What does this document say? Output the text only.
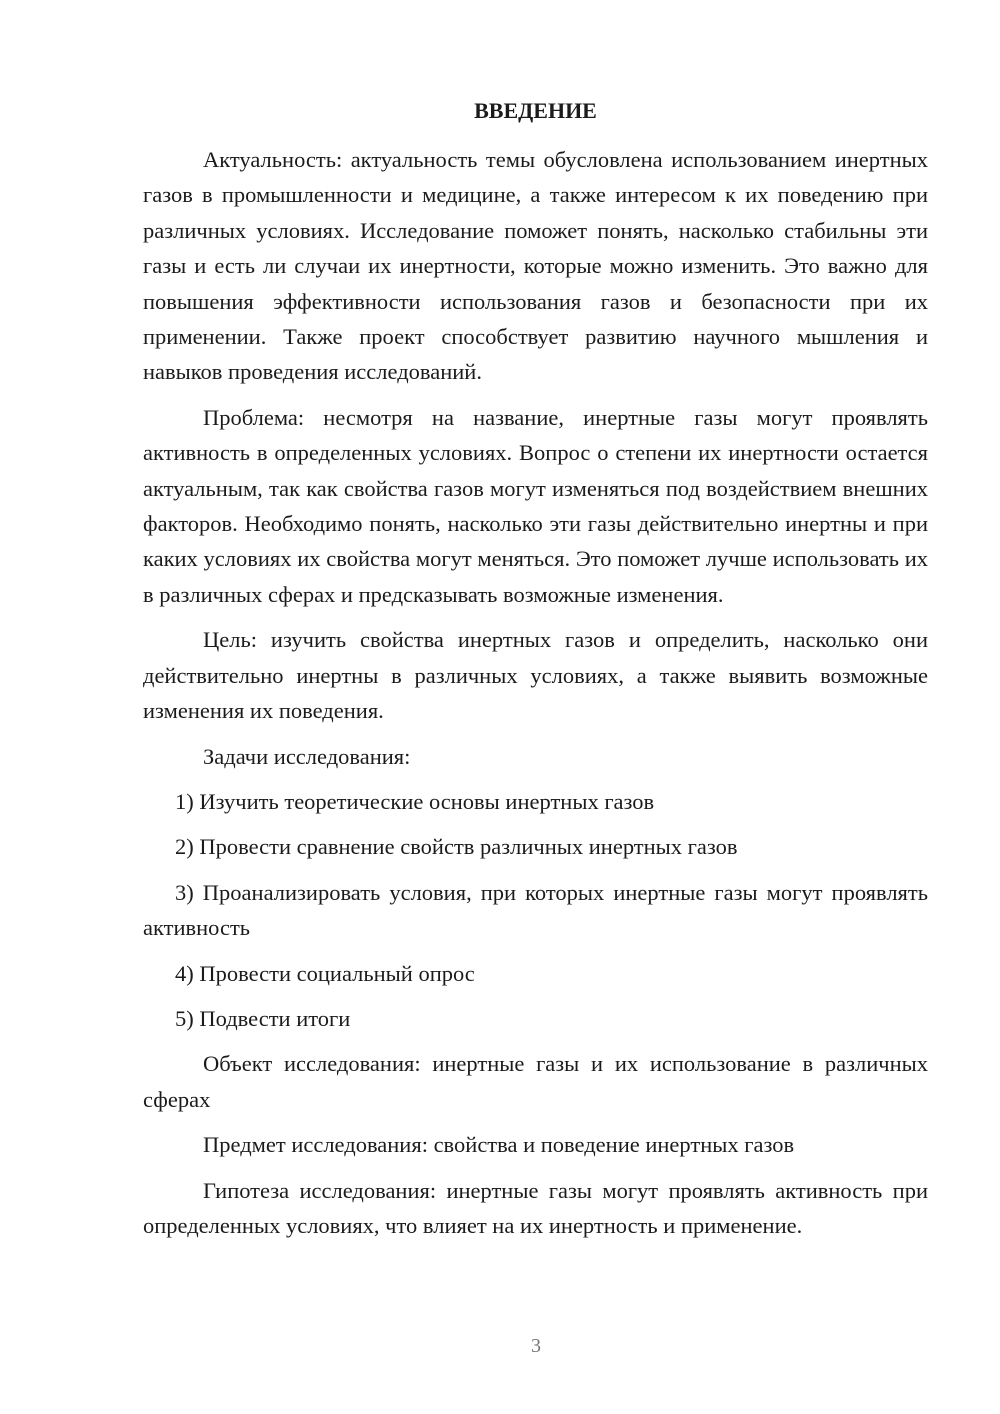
ВВЕДЕНИЕ

Актуальность: актуальность темы обусловлена использованием инертных газов в промышленности и медицине, а также интересом к их поведению при различных условиях. Исследование поможет понять, насколько стабильны эти газы и есть ли случаи их инертности, которые можно изменить. Это важно для повышения эффективности использования газов и безопасности при их применении. Также проект способствует развитию научного мышления и навыков проведения исследований.

Проблема: несмотря на название, инертные газы могут проявлять активность в определенных условиях. Вопрос о степени их инертности остается актуальным, так как свойства газов могут изменяться под воздействием внешних факторов. Необходимо понять, насколько эти газы действительно инертны и при каких условиях их свойства могут меняться. Это поможет лучше использовать их в различных сферах и предсказывать возможные изменения.

Цель: изучить свойства инертных газов и определить, насколько они действительно инертны в различных условиях, а также выявить возможные изменения их поведения.

Задачи исследования:

1) Изучить теоретические основы инертных газов

2) Провести сравнение свойств различных инертных газов

3) Проанализировать условия, при которых инертные газы могут проявлять активность

4) Провести социальный опрос

5) Подвести итоги

Объект исследования: инертные газы и их использование в различных сферах

Предмет исследования: свойства и поведение инертных газов

Гипотеза исследования: инертные газы могут проявлять активность при определенных условиях, что влияет на их инертность и применение.

3
